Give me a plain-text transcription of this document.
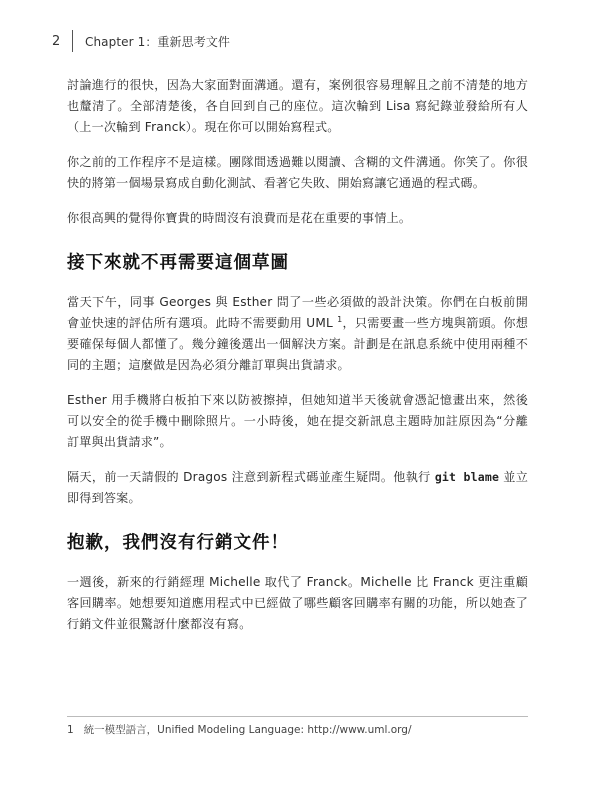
2	Chapter 1：重新思考文件

討論進行的很快，因為大家面對面溝通。還有，案例很容易理解且之前不清楚的地方也釐清了。全部清楚後，各自回到自己的座位。這次輪到 Lisa 寫紀錄並發給所有人（上一次輪到 Franck）。現在你可以開始寫程式。

你之前的工作程序不是這樣。團隊間透過難以閱讀、含糊的文件溝通。你笑了。你很快的將第一個場景寫成自動化測試、看著它失敗、開始寫讓它通過的程式碼。

你很高興的覺得你寶貴的時間沒有浪費而是花在重要的事情上。

接下來就不再需要這個草圖

當天下午，同事 Georges 與 Esther 問了一些必須做的設計決策。你們在白板前開會並快速的評估所有選項。此時不需要動用 UML $^1$，只需要畫一些方塊與箭頭。你想要確保每個人都懂了。幾分鐘後選出一個解決方案。計劃是在訊息系統中使用兩種不同的主題；這麼做是因為必須分離訂單與出貨請求。

Esther 用手機將白板拍下來以防被擦掉，但她知道半天後就會憑記憶畫出來，然後可以安全的從手機中刪除照片。一小時後，她在提交新訊息主題時加註原因為“分離訂單與出貨請求”。

隔天，前一天請假的 Dragos 注意到新程式碼並產生疑問。他執行 git blame 並立即得到答案。

抱歉，我們沒有行銷文件！

一週後，新來的行銷經理 Michelle 取代了 Franck。Michelle 比 Franck 更注重顧客回購率。她想要知道應用程式中已經做了哪些顧客回購率有關的功能，所以她查了行銷文件並很驚訝什麼都沒有寫。

1 統一模型語言，Unified Modeling Language: http://www.uml.org/
